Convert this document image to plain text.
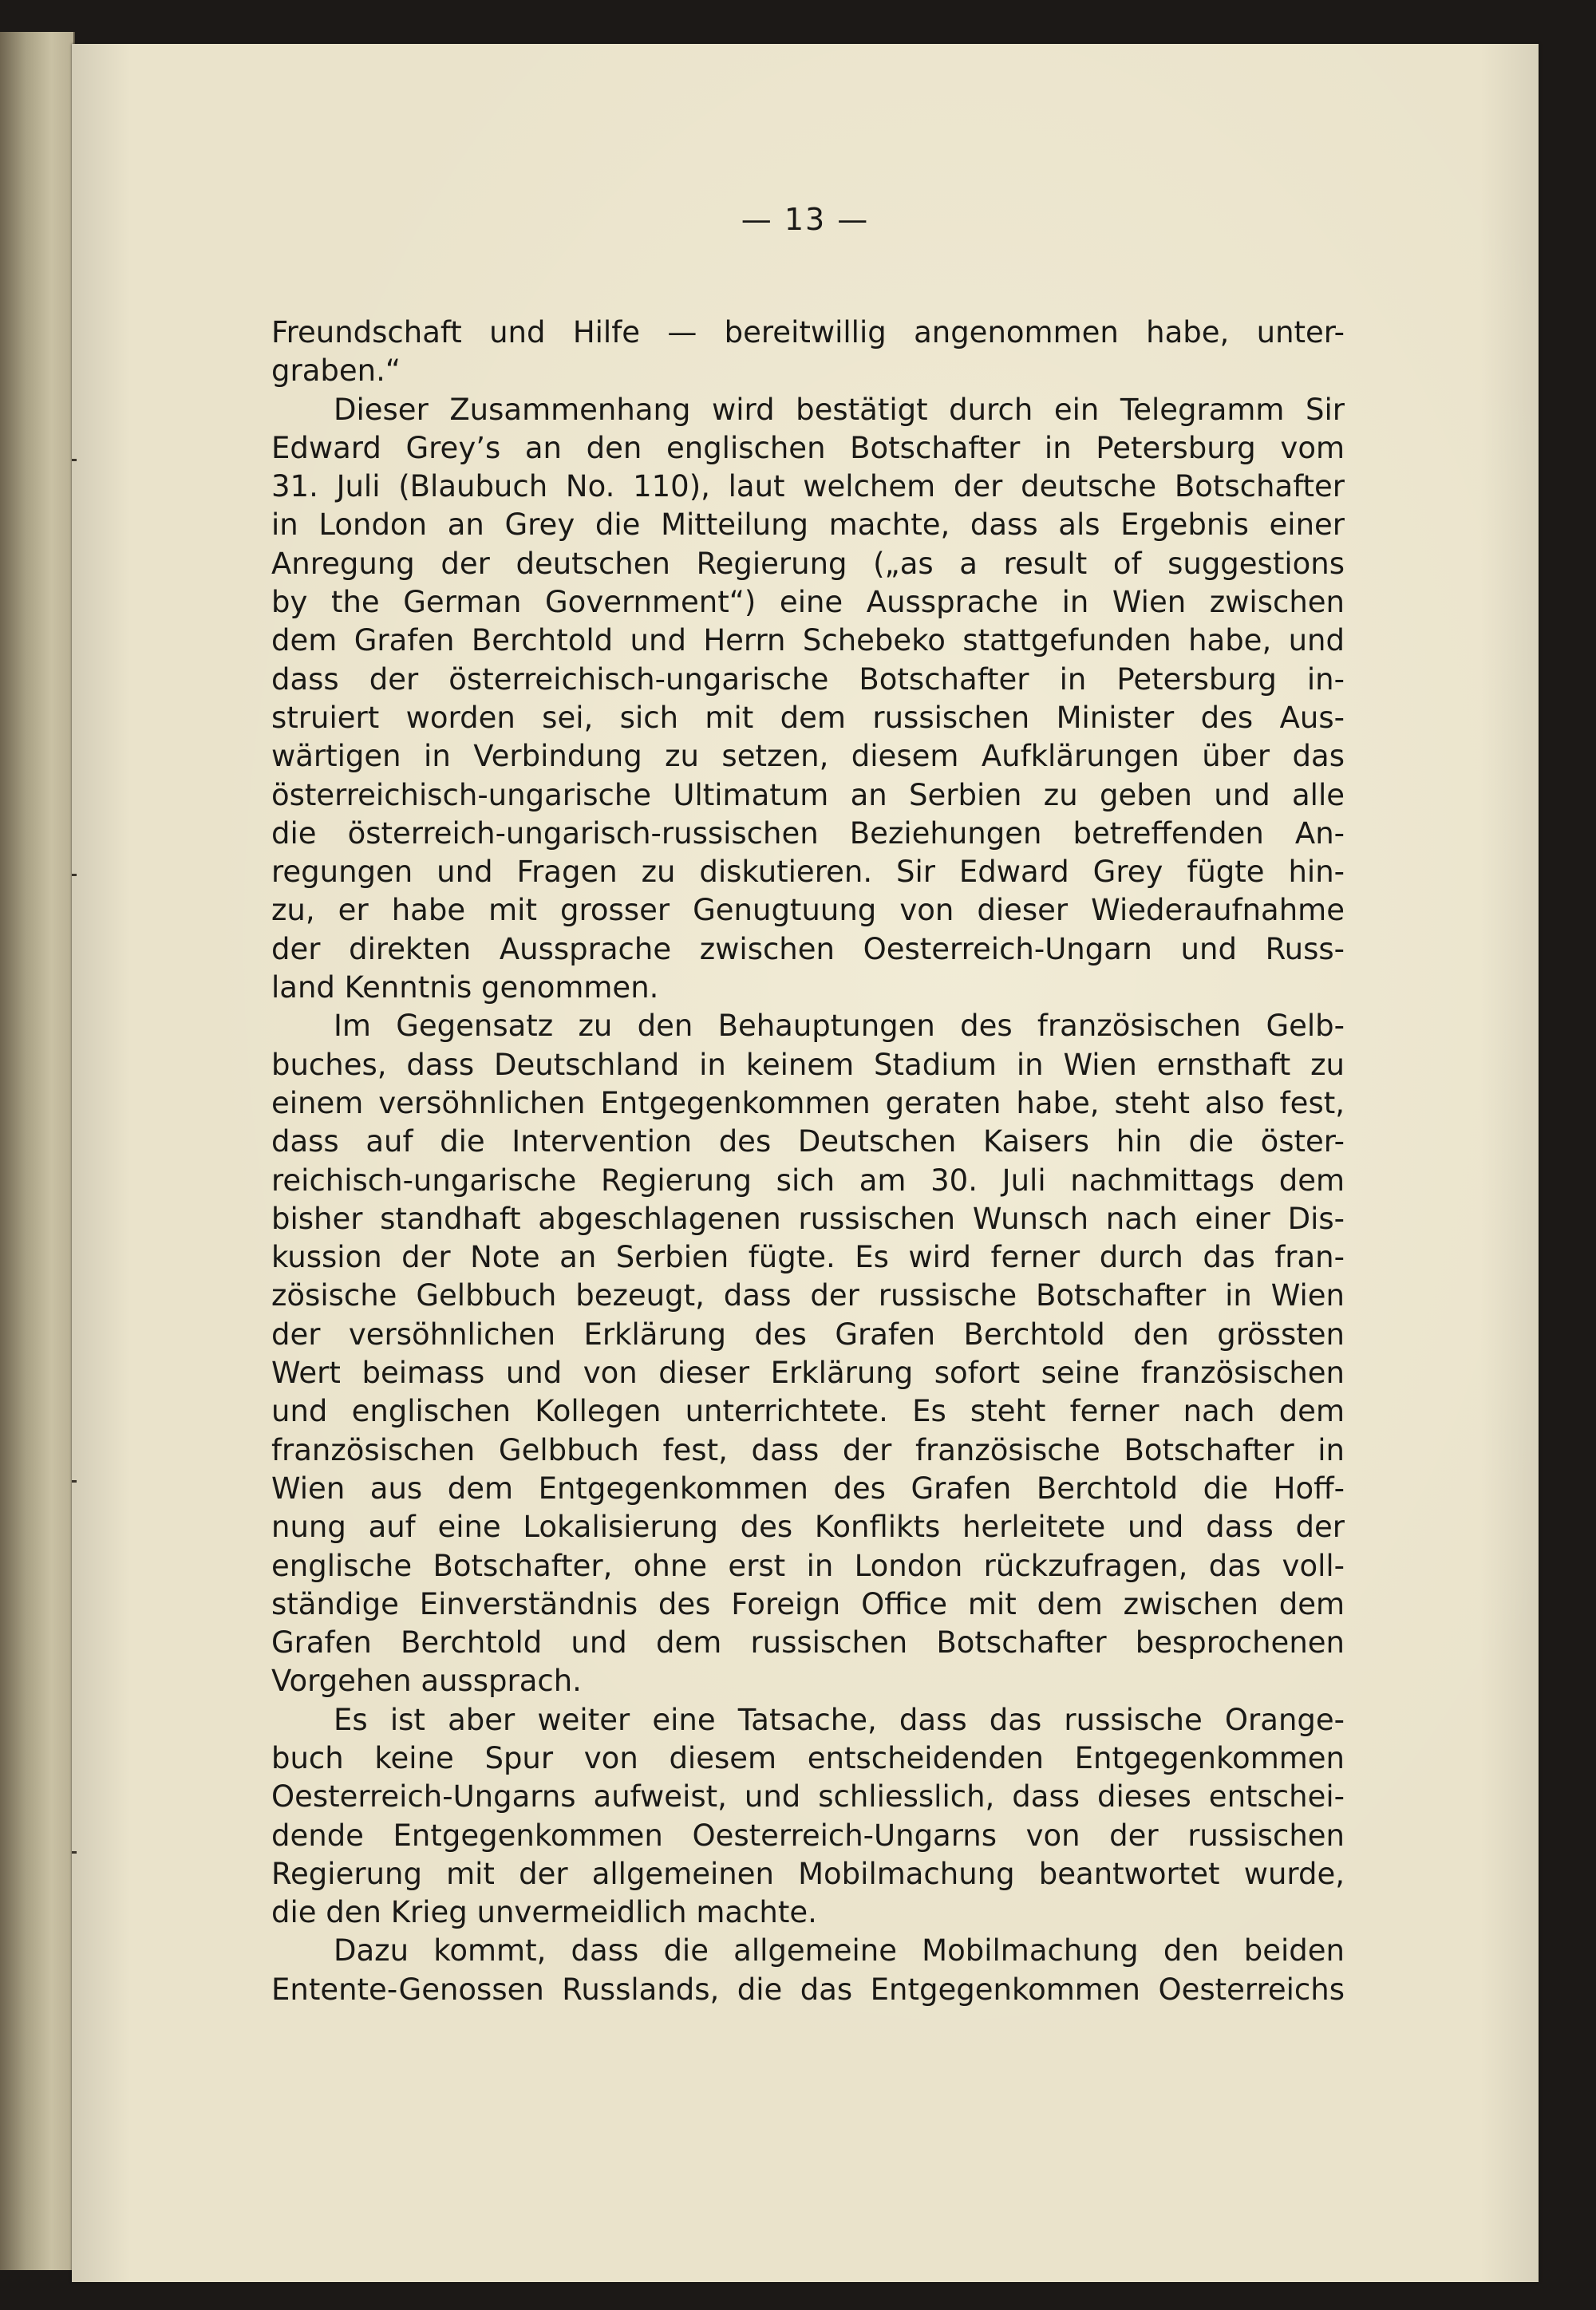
— 13 —
Freundschaft und Hilfe — bereitwillig angenommen habe, unter-
graben.“
Dieser Zusammenhang wird bestätigt durch ein Telegramm Sir
Edward Grey’s an den englischen Botschafter in Petersburg vom
31. Juli (Blaubuch No. 110), laut welchem der deutsche Botschafter
in London an Grey die Mitteilung machte, dass als Ergebnis einer
Anregung der deutschen Regierung („as a result of suggestions
by the German Government“) eine Aussprache in Wien zwischen
dem Grafen Berchtold und Herrn Schebeko stattgefunden habe, und
dass der österreichisch-ungarische Botschafter in Petersburg in-
struiert worden sei, sich mit dem russischen Minister des Aus-
wärtigen in Verbindung zu setzen, diesem Aufklärungen über das
österreichisch-ungarische Ultimatum an Serbien zu geben und alle
die österreich-ungarisch-russischen Beziehungen betreffenden An-
regungen und Fragen zu diskutieren. Sir Edward Grey fügte hin-
zu, er habe mit grosser Genugtuung von dieser Wiederaufnahme
der direkten Aussprache zwischen Oesterreich-Ungarn und Russ-
land Kenntnis genommen.
Im Gegensatz zu den Behauptungen des französischen Gelb-
buches, dass Deutschland in keinem Stadium in Wien ernsthaft zu
einem versöhnlichen Entgegenkommen geraten habe, steht also fest,
dass auf die Intervention des Deutschen Kaisers hin die öster-
reichisch-ungarische Regierung sich am 30. Juli nachmittags dem
bisher standhaft abgeschlagenen russischen Wunsch nach einer Dis-
kussion der Note an Serbien fügte. Es wird ferner durch das fran-
zösische Gelbbuch bezeugt, dass der russische Botschafter in Wien
der versöhnlichen Erklärung des Grafen Berchtold den grössten
Wert beimass und von dieser Erklärung sofort seine französischen
und englischen Kollegen unterrichtete. Es steht ferner nach dem
französischen Gelbbuch fest, dass der französische Botschafter in
Wien aus dem Entgegenkommen des Grafen Berchtold die Hoff-
nung auf eine Lokalisierung des Konflikts herleitete und dass der
englische Botschafter, ohne erst in London rückzufragen, das voll-
ständige Einverständnis des Foreign Office mit dem zwischen dem
Grafen Berchtold und dem russischen Botschafter besprochenen
Vorgehen aussprach.
Es ist aber weiter eine Tatsache, dass das russische Orange-
buch keine Spur von diesem entscheidenden Entgegenkommen
Oesterreich-Ungarns aufweist, und schliesslich, dass dieses entschei-
dende Entgegenkommen Oesterreich-Ungarns von der russischen
Regierung mit der allgemeinen Mobilmachung beantwortet wurde,
die den Krieg unvermeidlich machte.
Dazu kommt, dass die allgemeine Mobilmachung den beiden
Entente-Genossen Russlands, die das Entgegenkommen Oesterreichs
